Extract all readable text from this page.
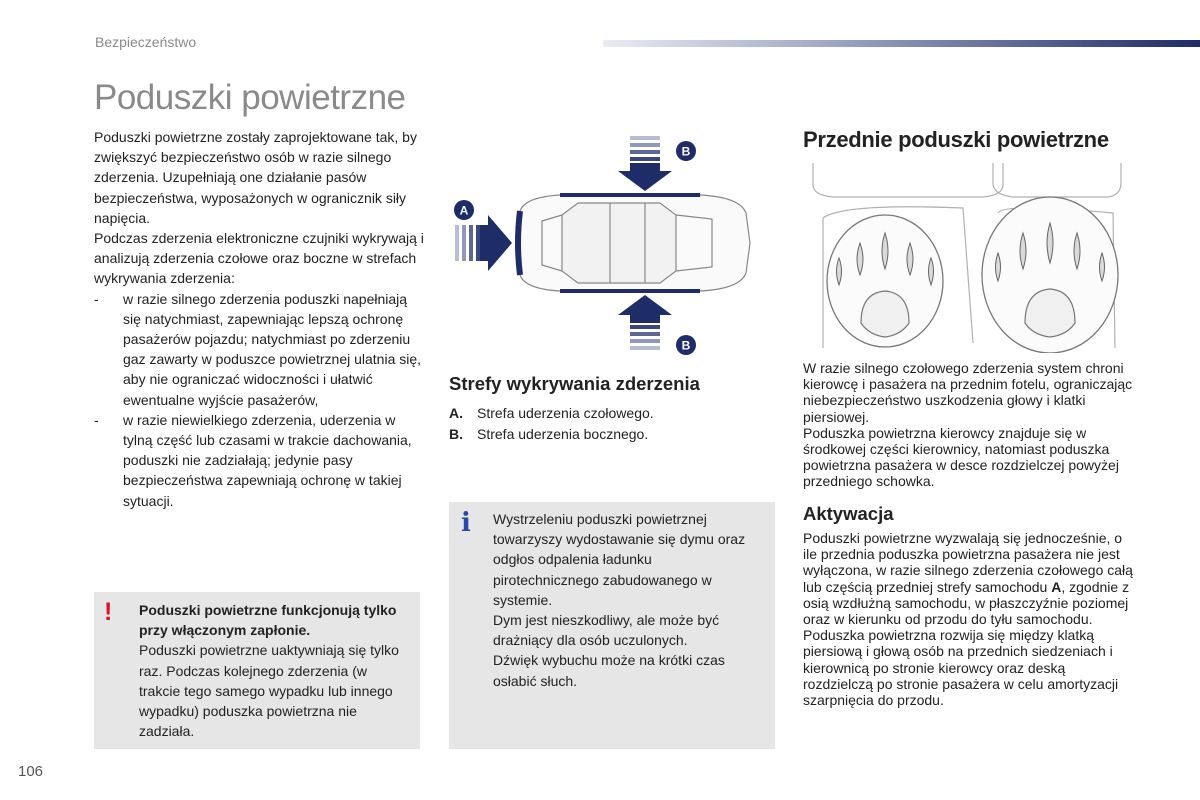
Bezpieczeństwo
Poduszki powietrzne

Poduszki powietrzne zostały zaprojektowane tak, by zwiększyć bezpieczeństwo osób w razie silnego zderzenia. Uzupełniają one działanie pasów bezpieczeństwa, wyposażonych w ogranicznik siły napięcia.

Podczas zderzenia elektroniczne czujniki wykrywają i analizują zderzenia czołowe oraz boczne w strefach wykrywania zderzenia:

- w razie silnego zderzenia poduszki napełniają się natychmiast, zapewniając lepszą ochronę pasażerów pojazdu; natychmiast po zderzeniu gaz zawarty w poduszce powietrznej ulatnia się, aby nie ograniczać widoczności i ułatwić ewentualne wyjście pasażerów,
- w razie niewielkiego zderzenia, uderzenia w tylną część lub czasami w trakcie dachowania, poduszki nie zadziałają; jedynie pasy bezpieczeństwa zapewniają ochronę w takiej sytuacji.
! Poduszki powietrzne funkcjonują tylko przy włączonym zapłonie.
Poduszki powietrzne uaktywniają się tylko raz. Podczas kolejnego zderzenia (w trakcie tego samego wypadku lub innego wypadku) poduszka powietrzna nie zadziała.
A
B
B
Strefy wykrywania zderzenia
A. Strefa uderzenia czołowego.
B. Strefa uderzenia bocznego.
i Wystrzeleniu poduszki powietrznej towarzyszy wydostawanie się dymu oraz odgłos odpalenia ładunku pirotechnicznego zabudowanego w systemie.
Dym jest nieszkodliwy, ale może być drażniący dla osób uczulonych.
Dźwięk wybuchu może na krótki czas osłabić słuch.
Przednie poduszki powietrzne

W razie silnego czołowego zderzenia system chroni kierowcę i pasażera na przednim fotelu, ograniczając niebezpieczeństwo uszkodzenia głowy i klatki piersiowej.

Poduszka powietrzna kierowcy znajduje się w środkowej części kierownicy, natomiast poduszka powietrzna pasażera w desce rozdzielczej powyżej przedniego schowka.

Aktywacja

Poduszki powietrzne wyzwalają się jednocześnie, o ile przednia poduszka powietrzna pasażera nie jest wyłączona, w razie silnego zderzenia czołowego całą lub częścią przedniej strefy samochodu A, zgodnie z osią wzdłużną samochodu, w płaszczyźnie poziomej oraz w kierunku od przodu do tyłu samochodu.

Poduszka powietrzna rozwija się między klatką piersiową i głową osób na przednich siedzeniach i kierownicą po stronie kierowcy oraz deską rozdzielczą po stronie pasażera w celu amortyzacji szarpnięcia do przodu.

106
